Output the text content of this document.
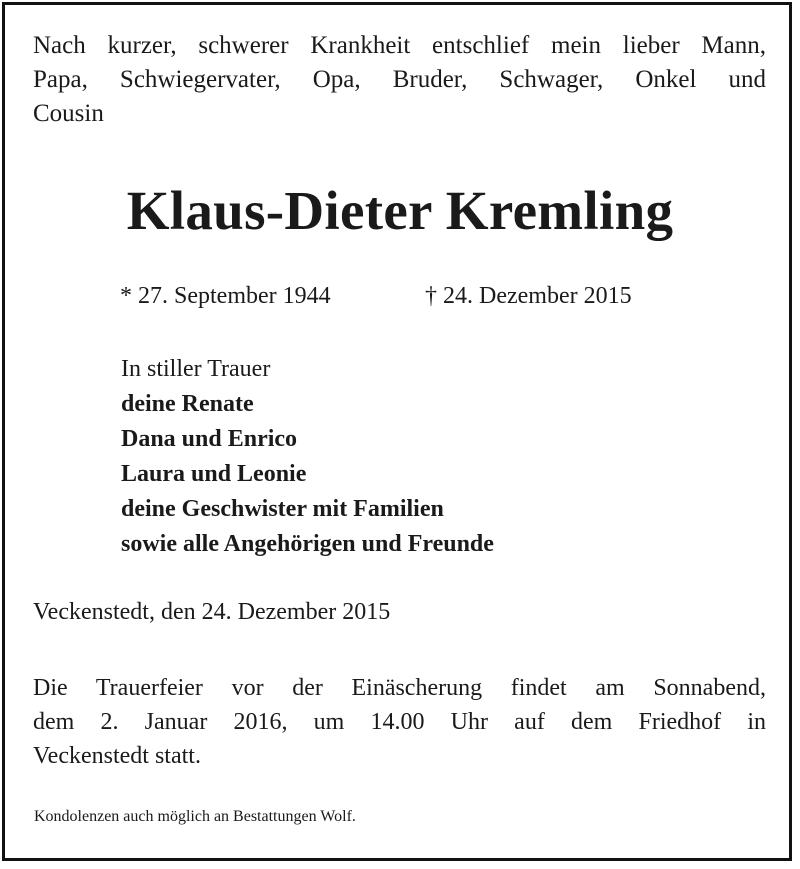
Nach kurzer, schwerer Krankheit entschlief mein lieber Mann,
Papa, Schwiegervater, Opa, Bruder, Schwager, Onkel und
Cousin

Klaus-Dieter Kremling
* 27. September 1944	† 24. Dezember 2015
In stiller Trauer
deine Renate
Dana und Enrico
Laura und Leonie
deine Geschwister mit Familien
sowie alle Angehörigen und Freunde
Veckenstedt, den 24. Dezember 2015

Die Trauerfeier vor der Einäscherung findet am Sonnabend,
dem 2. Januar 2016, um 14.00 Uhr auf dem Friedhof in
Veckenstedt statt.

Kondolenzen auch möglich an Bestattungen Wolf.
